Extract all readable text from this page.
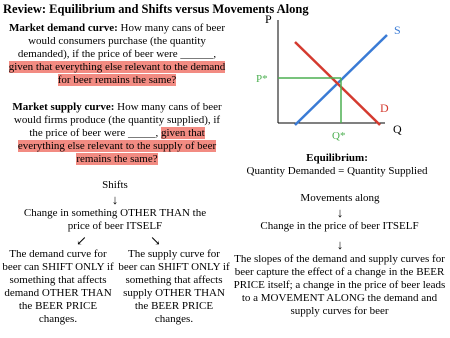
Review: Equilibrium and Shifts versus Movements Along
Market demand curve: How many cans of beer would consumers purchase (the quantity demanded), if the price of beer were ______, given that everything else relevant to the demand for beer remains the same?
Market supply curve: How many cans of beer would firms produce (the quantity supplied), if the price of beer were _____, given that everything else relevant to the supply of beer remains the same?
P
Q
S
D
P*
Q*
Equilibrium:
Quantity Demanded = Quantity Supplied
Shifts
↓
Change in something OTHER THAN the price of beer ITSELF
↙	↘
The demand curve for beer can SHIFT ONLY if something that affects demand OTHER THAN the BEER PRICE changes.
The supply curve for beer can SHIFT ONLY if something that affects supply OTHER THAN the BEER PRICE changes.
Movements along
↓
Change in the price of beer ITSELF
↓
The slopes of the demand and supply curves for beer capture the effect of a change in the BEER PRICE itself; a change in the price of beer leads to a MOVEMENT ALONG the demand and supply curves for beer
